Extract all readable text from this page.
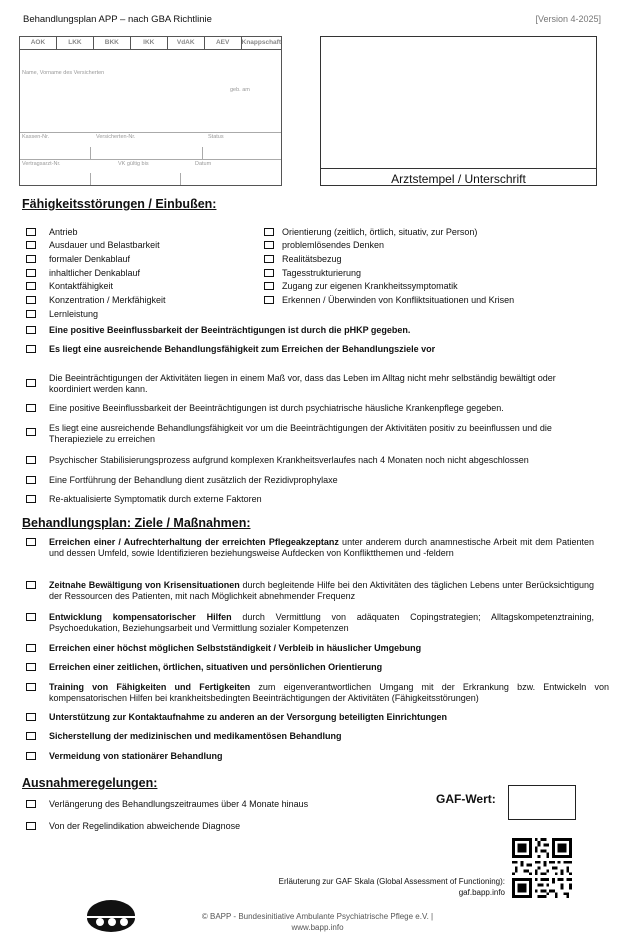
Behandlungsplan APP – nach GBA Richtlinie	[Version 4-2025]
AOK	LKK	BKK	IKK	VdAK	AEV	Knappschaft
Name, Vorname des Versicherten
geb. am
Kassen-Nr.	Versicherten-Nr.	Status
Vertragsarzt-Nr.	VK gültig bis	Datum
Arztstempel / Unterschrift
Fähigkeitsstörungen / Einbußen:
Antrieb
Ausdauer und Belastbarkeit
formaler Denkablauf
inhaltlicher Denkablauf
Kontaktfähigkeit
Konzentration / Merkfähigkeit
Lernleistung
Orientierung (zeitlich, örtlich, situativ, zur Person)
problemlösendes Denken
Realitätsbezug
Tagesstrukturierung
Zugang zur eigenen Krankheitssymptomatik
Erkennen / Überwinden von Konfliktsituationen und Krisen
Eine positive Beeinflussbarkeit der Beeinträchtigungen ist durch die pHKP gegeben.
Es liegt eine ausreichende Behandlungsfähigkeit zum Erreichen der Behandlungsziele vor
Die Beeinträchtigungen der Aktivitäten liegen in einem Maß vor, dass das Leben im Alltag nicht mehr selbständig bewältigt oder koordiniert werden kann.
Eine positive Beeinflussbarkeit der Beeinträchtigungen ist durch psychiatrische häusliche Krankenpflege gegeben.
Es liegt eine ausreichende Behandlungsfähigkeit vor um die Beeinträchtigungen der Aktivitäten positiv zu beeinflussen und die Therapieziele zu erreichen
Psychischer Stabilisierungsprozess aufgrund komplexen Krankheitsverlaufes nach 4 Monaten noch nicht abgeschlossen
Eine Fortführung der Behandlung dient zusätzlich der Rezidivprophylaxe
Re-aktualisierte Symptomatik durch externe Faktoren
Behandlungsplan: Ziele / Maßnahmen:
Erreichen einer / Aufrechterhaltung der erreichten Pflegeakzeptanz unter anderem durch anamnestische Arbeit mit dem Patienten und dessen Umfeld, sowie Identifizieren beziehungsweise Aufdecken von Konfliktthemen und -feldern
Zeitnahe Bewältigung von Krisensituationen durch begleitende Hilfe bei den Aktivitäten des täglichen Lebens unter Berücksichtigung der Ressourcen des Patienten, mit nach Möglichkeit abnehmender Frequenz
Entwicklung kompensatorischer Hilfen durch Vermittlung von adäquaten Copingstrategien; Alltagskompetenztraining, Psychoedukation, Beziehungsarbeit und Vermittlung sozialer Kompetenzen
Erreichen einer höchst möglichen Selbstständigkeit / Verbleib in häuslicher Umgebung
Erreichen einer zeitlichen, örtlichen, situativen und persönlichen Orientierung
Training von Fähigkeiten und Fertigkeiten zum eigenverantwortlichen Umgang mit der Erkrankung bzw. Entwickeln von kompensatorischen Hilfen bei krankheitsbedingten Beeinträchtigungen der Aktivitäten (Fähigkeitsstörungen)
Unterstützung zur Kontaktaufnahme zu anderen an der Versorgung beteiligten Einrichtungen
Sicherstellung der medizinischen und medikamentösen Behandlung
Vermeidung von stationärer Behandlung
Ausnahmeregelungen:
Verlängerung des Behandlungszeitraumes über 4 Monate hinaus
Von der Regelindikation abweichende Diagnose
GAF-Wert:
Erläuterung zur GAF Skala (Global Assessment of Functioning):
gaf.bapp.info
© BAPP - Bundesinitiative Ambulante Psychiatrische Pflege e.V. |
www.bapp.info
